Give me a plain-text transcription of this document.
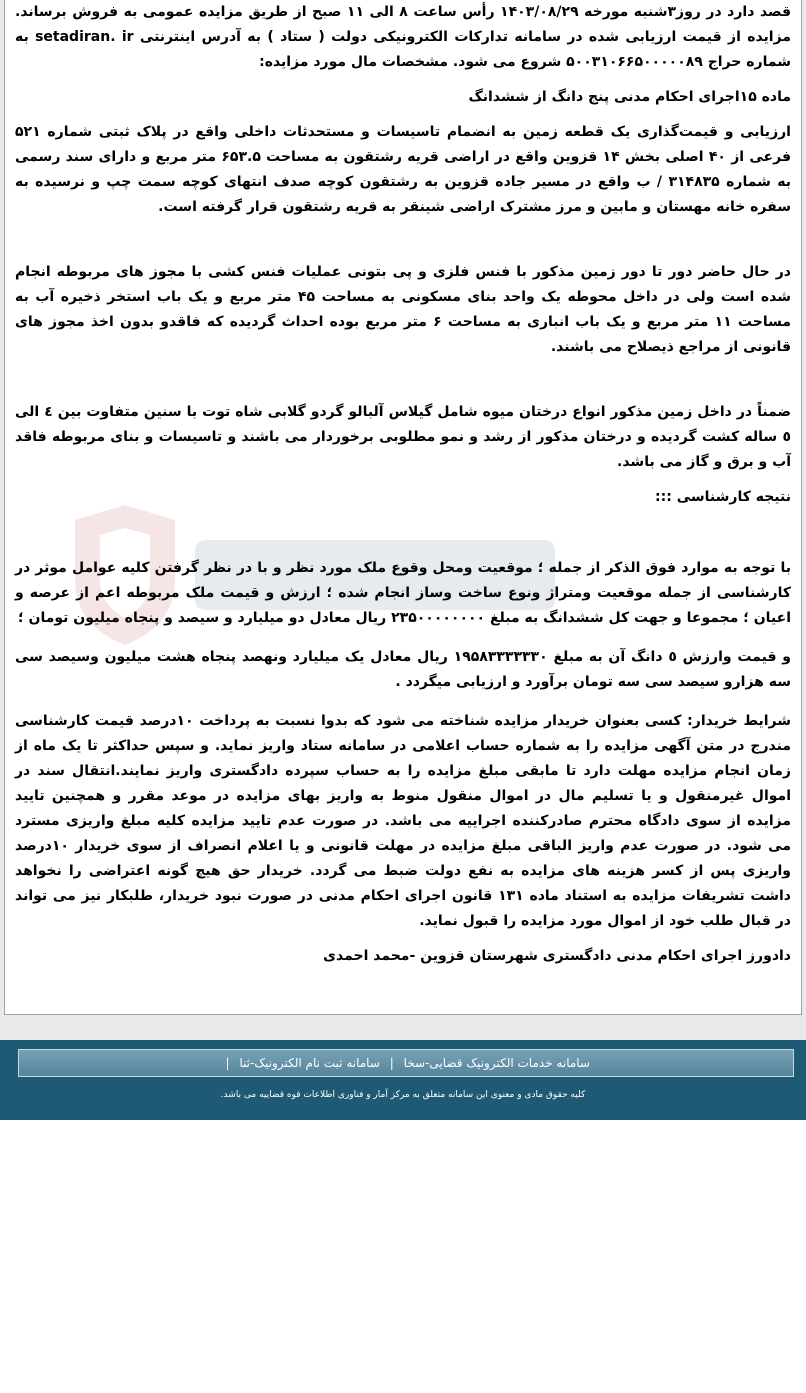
قصد دارد در روز۳شنبه مورخه ۱۴۰۳/۰۸/۲۹ رأس ساعت ۸ الی ۱۱ صبح از طریق مزایده عمومی به فروش برساند. مزایده از قیمت ارزیابی شده در سامانه تدارکات الکترونیکی دولت ( ستاد ) به آدرس اینترنتی setadiran. ir به شماره حراج ۵۰۰۳۱۰۶۶۵۰۰۰۰۰۸۹ شروع می شود. مشخصات مال مورد مزایده:

ماده ۱۵اجرای احکام مدنی پنج دانگ از ششدانگ

ارزیابی و قیمت‌گذاری یک قطعه زمین به انضمام تاسیسات و مستحدثات داخلی واقع در پلاک ثبتی شماره ۵۲۱ فرعی از ۴۰ اصلی بخش ۱۴ قزوین واقع در اراضی قریه رشتقون به مساحت ۶۵۳.۵ متر مربع و دارای سند رسمی به شماره ۳۱۴۸۳۵ / ب واقع در مسیر جاده قزوین به رشتقون کوچه صدف انتهای کوچه سمت چپ و نرسیده به سفره خانه مهستان و مابین و مرز مشترک اراضی شینقر به قریه رشتقون قرار گرفته است.

در حال حاضر دور تا دور زمین مذکور با فنس فلزی و پی بتونی عملیات فنس کشی با مجوز های مربوطه انجام شده است ولی در داخل محوطه یک واحد بنای مسکونی به مساحت ۴۵ متر مربع و یک باب استخر ذخیره آب به مساحت ۱۱ متر مربع و یک باب انباری به مساحت ۶ متر مربع بوده احداث گردیده که فاقدو بدون اخذ مجوز های قانونی از مراجع ذیصلاح می باشند.

ضمناً در داخل زمین مذکور انواع درختان میوه شامل گیلاس آلبالو گردو گلابی شاه توت با سنین متفاوت بین ٤ الی ٥ ساله کشت گردیده و درختان مذکور از رشد و نمو مطلوبی برخوردار می باشند و تاسیسات و بنای مربوطه فاقد آب و برق و گاز می باشد.

نتیجه کارشناسی :::

با توجه به موارد فوق الذکر از جمله ؛ موقعیت ومحل وقوع ملک مورد نظر و با در نظر گرفتن کلیه عوامل موثر در کارشناسی از جمله موقعیت ومتراژ ونوع ساخت وساز انجام شده ؛ ارزش و قیمت ملک مربوطه اعم از عرصه و اعیان ؛ مجموعا و جهت کل ششدانگ به مبلغ ۲۳۵۰۰۰۰۰۰۰۰ ریال معادل دو میلیارد و سیصد و پنجاه میلیون تومان ؛

و قیمت وارزش ٥ دانگ آن به مبلغ ۱۹۵۸۳۳۳۳۳۳۰ ریال معادل یک میلیارد ونهصد پنجاه هشت میلیون وسیصد سی سه هزارو سیصد سی سه تومان برآورد و ارزیابی میگردد .

شرایط خریدار: کسی بعنوان خریدار مزایده شناخته می شود که بدوا نسبت به پرداخت ۱۰درصد قیمت کارشناسی مندرج در متن آگهی مزایده را به شماره حساب اعلامی در سامانه ستاد واریز نماید. و سپس حداکثر تا یک ماه از زمان انجام مزایده مهلت دارد تا مابقی مبلغ مزایده را به حساب سپرده دادگستری واریز نمایند.انتقال سند در اموال غیرمنقول و یا تسلیم مال در اموال منقول منوط به واریز بهای مزایده در موعد مقرر و همچنین تایید مزایده از سوی دادگاه محترم صادرکننده اجراییه می باشد. در صورت عدم تایید مزایده کلیه مبلغ واریزی مسترد می شود. در صورت عدم واریز الباقی مبلغ مزایده در مهلت قانونی و یا اعلام انصراف از سوی خریدار ۱۰درصد واریزی پس از کسر هزینه های مزایده به نفع دولت ضبط می گردد. خریدار حق هیچ گونه اعتراضی را نخواهد داشت تشریفات مزایده به استناد ماده ۱۳۱ قانون اجرای احکام مدنی در صورت نبود خریدار، طلبکار نیز می تواند در قبال طلب خود از اموال مورد مزایده را قبول نماید.

دادورز اجرای احکام مدنی دادگستری شهرستان قزوین -محمد احمدی

سامانه خدمات الکترونیک قضایی-سخا | سامانه ثبت نام الکترونیک-ثنا |
کلیه حقوق مادی و معنوی این سامانه متعلق به مرکز آمار و فناوری اطلاعات قوه قضاییه می باشد.
